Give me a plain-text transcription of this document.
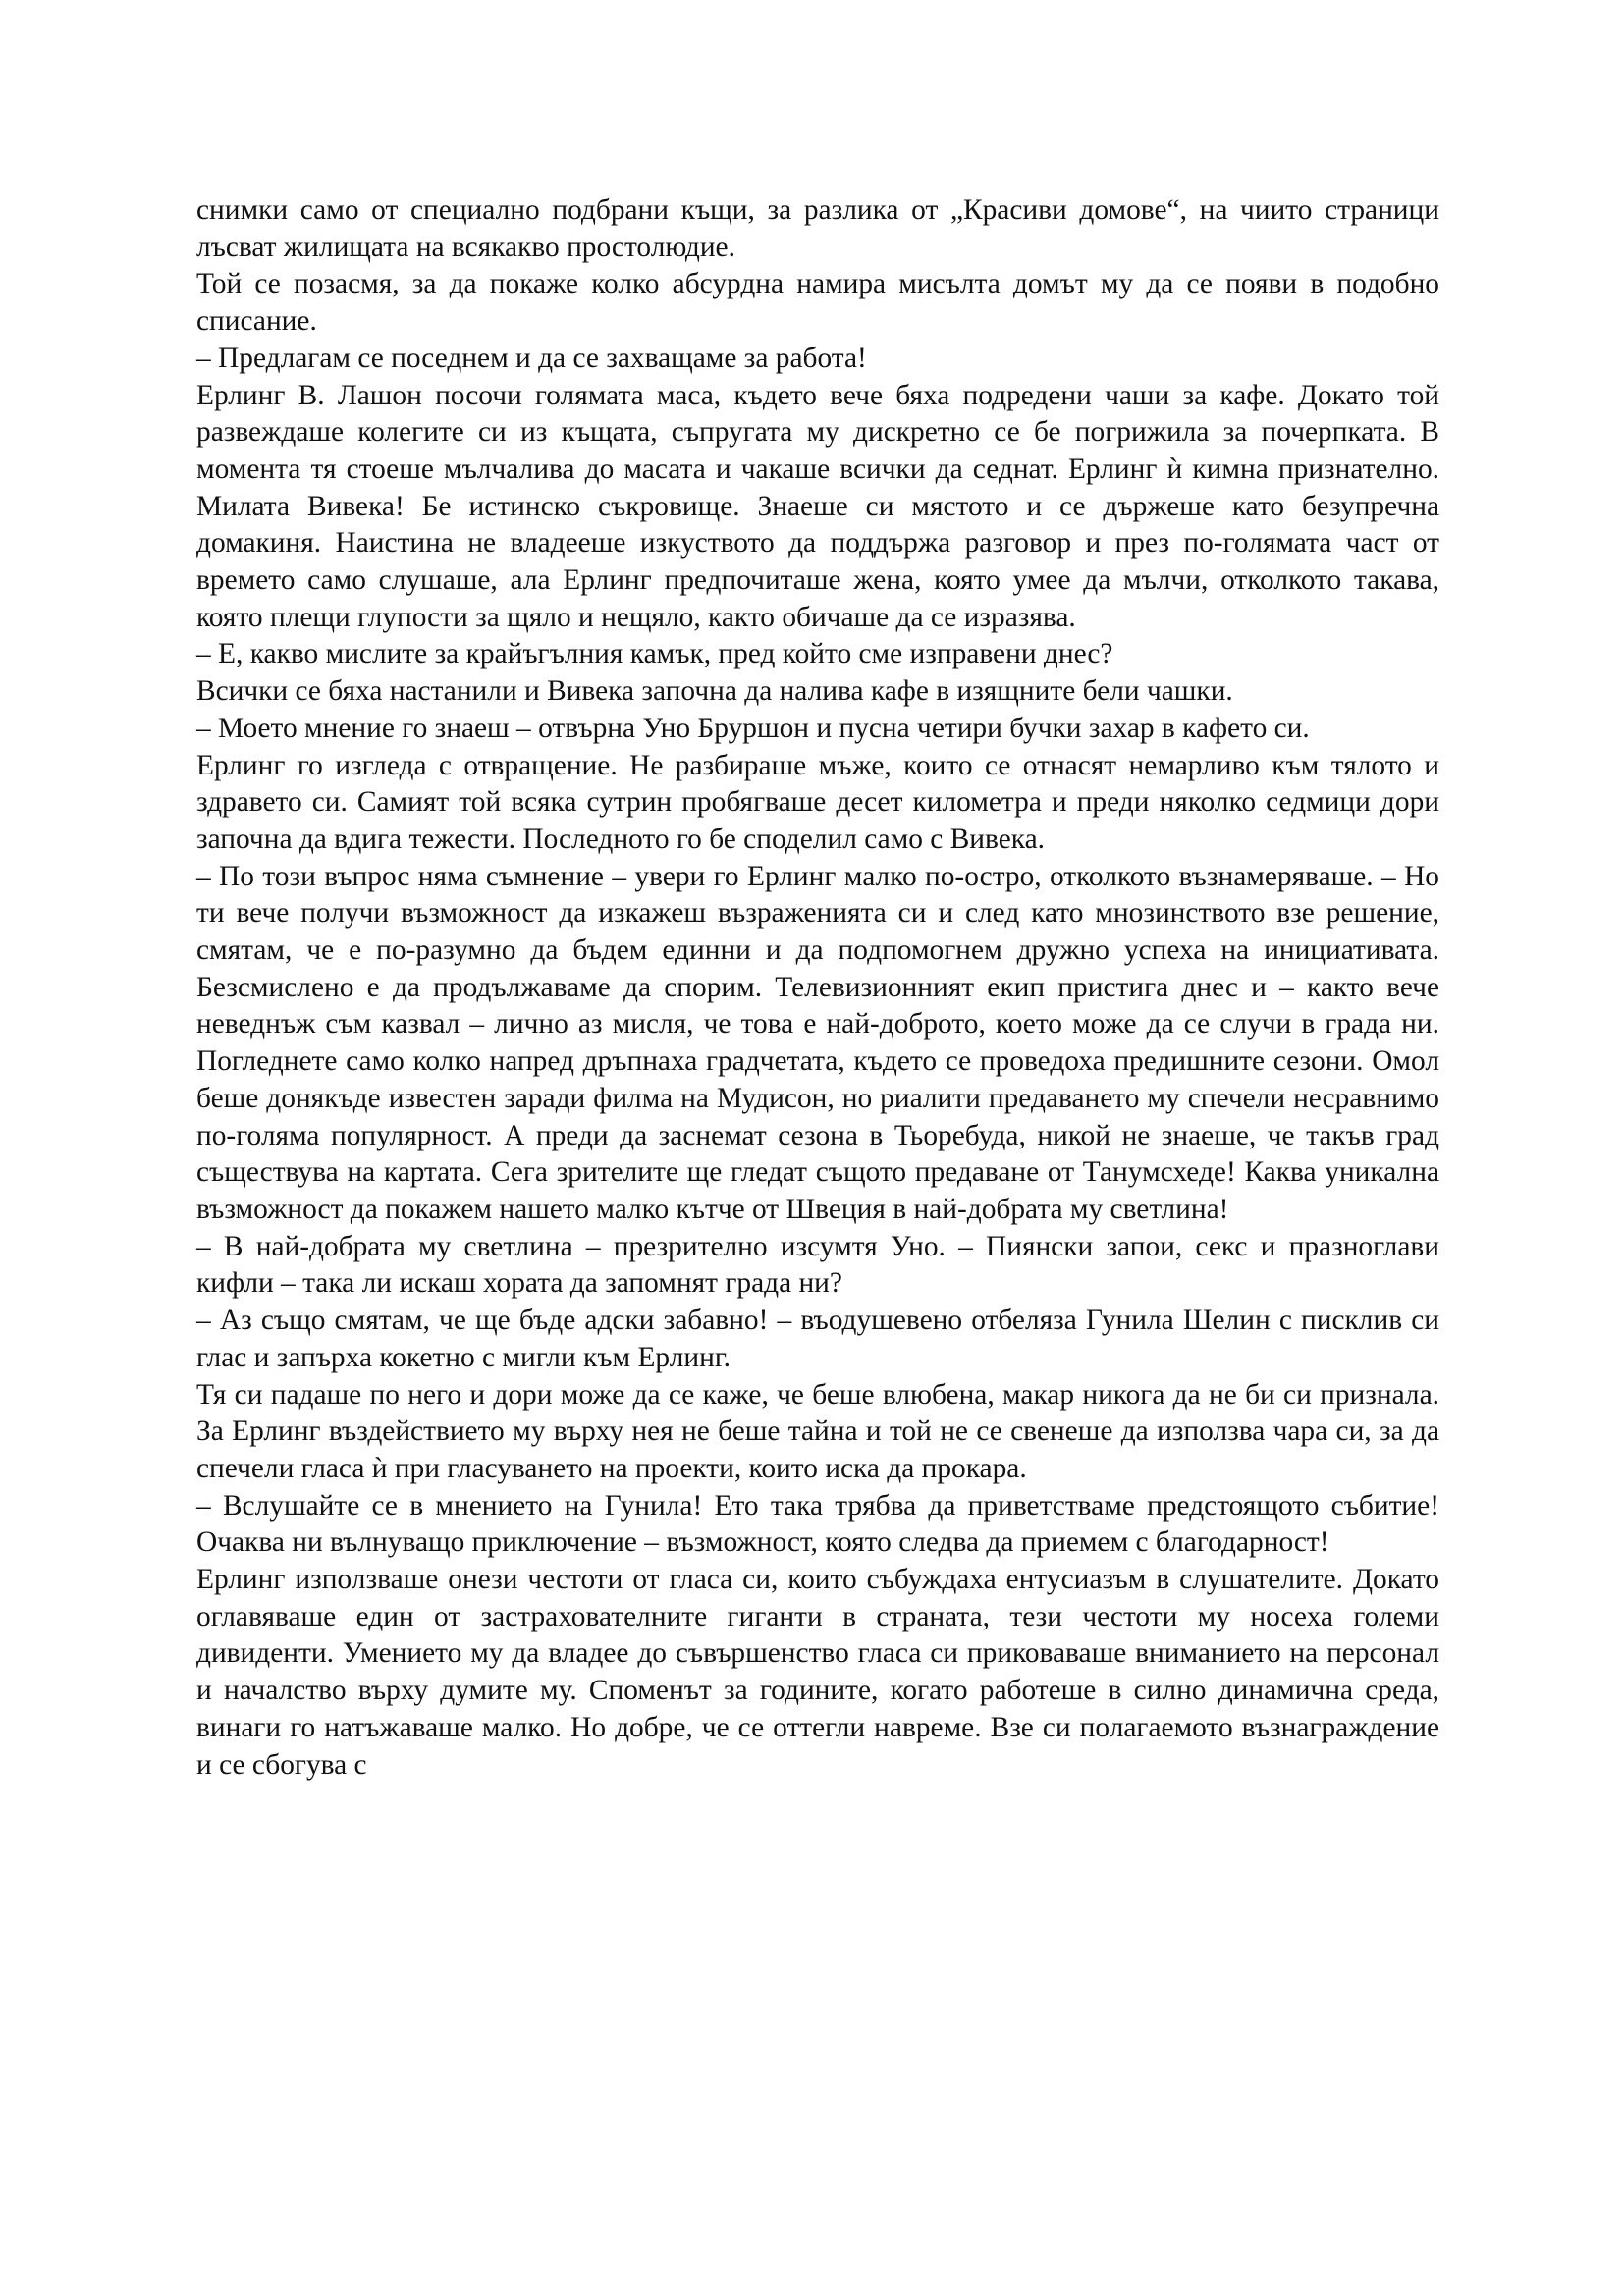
снимки само от специално подбрани къщи, за разлика от „Красиви домове“, на чиито страници лъсват жилищата на всякакво простолюдие.

Той се позасмя, за да покаже колко абсурдна намира мисълта домът му да се появи в подобно списание.

– Предлагам се поседнем и да се захващаме за работа!

Ерлинг В. Лашон посочи голямата маса, където вече бяха подредени чаши за кафе. Докато той развеждаше колегите си из къщата, съпругата му дискретно се бе погрижила за почерпката. В момента тя стоеше мълчалива до масата и чакаше всички да седнат. Ерлинг ѝ кимна признателно. Милата Вивека! Бе истинско съкровище. Знаеше си мястото и се държеше като безупречна домакиня. Наистина не владееше изкуството да поддържа разговор и през по-голямата част от времето само слушаше, ала Ерлинг предпочиташе жена, която умее да мълчи, отколкото такава, която плещи глупости за щяло и нещяло, както обичаше да се изразява.

– Е, какво мислите за крайъгълния камък, пред който сме изправени днес?

Всички се бяха настанили и Вивека започна да налива кафе в изящните бели чашки.

– Моето мнение го знаеш – отвърна Уно Бруршон и пусна четири бучки захар в кафето си.

Ерлинг го изгледа с отвращение. Не разбираше мъже, които се отнасят немарливо към тялото и здравето си. Самият той всяка сутрин пробягваше десет километра и преди няколко седмици дори започна да вдига тежести. Последното го бе споделил само с Вивека.

– По този въпрос няма съмнение – увери го Ерлинг малко по-остро, отколкото възнамеряваше. – Но ти вече получи възможност да изкажеш възраженията си и след като мнозинството взе решение, смятам, че е по-разумно да бъдем единни и да подпомогнем дружно успеха на инициативата. Безсмислено е да продължаваме да спорим. Телевизионният екип пристига днес и – както вече неведнъж съм казвал – лично аз мисля, че това е най-доброто, което може да се случи в града ни. Погледнете само колко напред дръпнаха градчетата, където се проведоха предишните сезони. Омол беше донякъде известен заради филма на Мудисон, но риалити предаването му спечели несравнимо по-голяма популярност. А преди да заснемат сезона в Тьоребуда, никой не знаеше, че такъв град съществува на картата. Сега зрителите ще гледат същото предаване от Танумсхеде! Каква уникална възможност да покажем нашето малко кътче от Швеция в най-добрата му светлина!

– В най-добрата му светлина – презрително изсумтя Уно. – Пиянски запои, секс и празноглави кифли – така ли искаш хората да запомнят града ни?

– Аз също смятам, че ще бъде адски забавно! – въодушевено отбеляза Гунила Шелин с писклив си глас и запърха кокетно с мигли към Ерлинг.

Тя си падаше по него и дори може да се каже, че беше влюбена, макар никога да не би си признала. За Ерлинг въздействието му върху нея не беше тайна и той не се свенеше да използва чара си, за да спечели гласа ѝ при гласуването на проекти, които иска да прокара.

– Вслушайте се в мнението на Гунила! Ето така трябва да приветстваме предстоящото събитие! Очаква ни вълнуващо приключение – възможност, която следва да приемем с благодарност!

Ерлинг използваше онези честоти от гласа си, които събуждаха ентусиазъм в слушателите. Докато оглавяваше един от застрахователните гиганти в страната, тези честоти му носеха големи дивиденти. Умението му да владее до съвършенство гласа си приковаваше вниманието на персонал и началство върху думите му. Споменът за годините, когато работеше в силно динамична среда, винаги го натъжаваше малко. Но добре, че се оттегли навреме. Взе си полагаемото възнаграждение и се сбогува с
